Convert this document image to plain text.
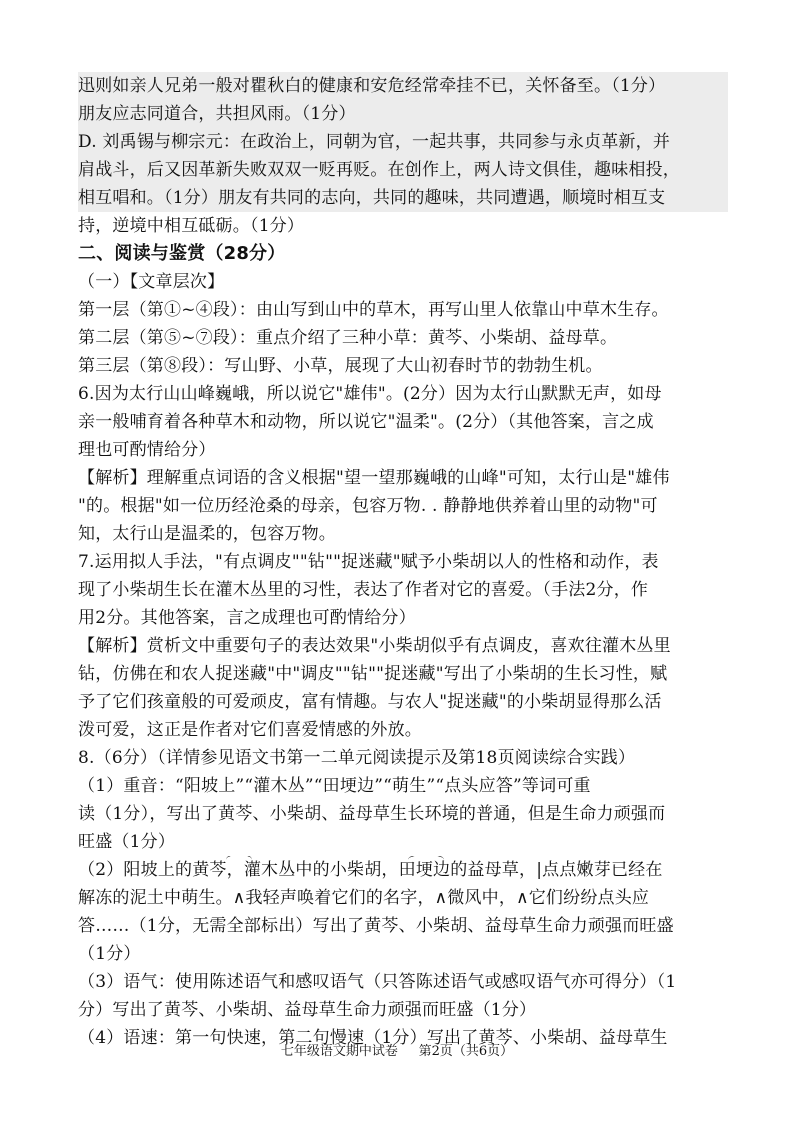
迅则如亲人兄弟一般对瞿秋白的健康和安危经常牵挂不已，关怀备至。（1分）
朋友应志同道合，共担风雨。（1分）
D. 刘禹锡与柳宗元：在政治上，同朝为官，一起共事，共同参与永贞革新，并
肩战斗，后又因革新失败双双一贬再贬。在创作上，两人诗文俱佳，趣味相投，
相互唱和。（1分）朋友有共同的志向，共同的趣味，共同遭遇，顺境时相互支
持，逆境中相互砥砺。（1分）
二、阅读与鉴赏（28分）
（一）【文章层次】
第一层（第①~④段）：由山写到山中的草木，再写山里人依靠山中草木生存。
第二层（第⑤~⑦段）：重点介绍了三种小草：黄芩、小柴胡、益母草。
第三层（第⑧段）：写山野、小草，展现了大山初春时节的勃勃生机。
6.因为太行山山峰巍峨，所以说它"雄伟"。(2分）因为太行山默默无声，如母
亲一般哺育着各种草木和动物，所以说它"温柔"。(2分）（其他答案，言之成
理也可酌情给分）
【解析】理解重点词语的含义根据"望一望那巍峨的山峰"可知，太行山是"雄伟
"的。根据"如一位历经沧桑的母亲，包容万物. . 静静地供养着山里的动物"可
知，太行山是温柔的，包容万物。
7.运用拟人手法，"有点调皮""钻""捉迷藏"赋予小柴胡以人的性格和动作，表
现了小柴胡生长在灌木丛里的习性，表达了作者对它的喜爱。（手法2分，作
用2分。其他答案，言之成理也可酌情给分）
【解析】赏析文中重要句子的表达效果"小柴胡似乎有点调皮，喜欢往灌木丛里
钻，仿佛在和农人捉迷藏"中"调皮""钻""捉迷藏"写出了小柴胡的生长习性，赋
予了它们孩童般的可爱顽皮，富有情趣。与农人"捉迷藏"的小柴胡显得那么活
泼可爱，这正是作者对它们喜爱情感的外放。
8.（6分）（详情参见语文书第一二单元阅读提示及第18页阅读综合实践）
（1）重音：“阳坡上”“灌木丛”“田埂边”“萌生”“点头应答”等词可重
读（1分），写出了黄芩、小柴胡、益母草生长环境的普通，但是生命力顽强而
旺盛（1分）
（2）阳坡上的黄芩，灌木丛中的小柴胡，田埂边的益母草，|点点嫩芽已经在
解冻的泥土中萌生。∧我轻声唤着它们的名字，∧微风中，∧它们纷纷点头应
答……（1分，无需全部标出）写出了黄芩、小柴胡、益母草生命力顽强而旺盛
（1分）
（3）语气：使用陈述语气和感叹语气（只答陈述语气或感叹语气亦可得分）（1
分）写出了黄芩、小柴胡、益母草生命力顽强而旺盛（1分）
（4）语速：第一句快速，第二句慢速（1分）写出了黄芩、小柴胡、益母草生
七年级语文期中试卷 第2页（共6页）
